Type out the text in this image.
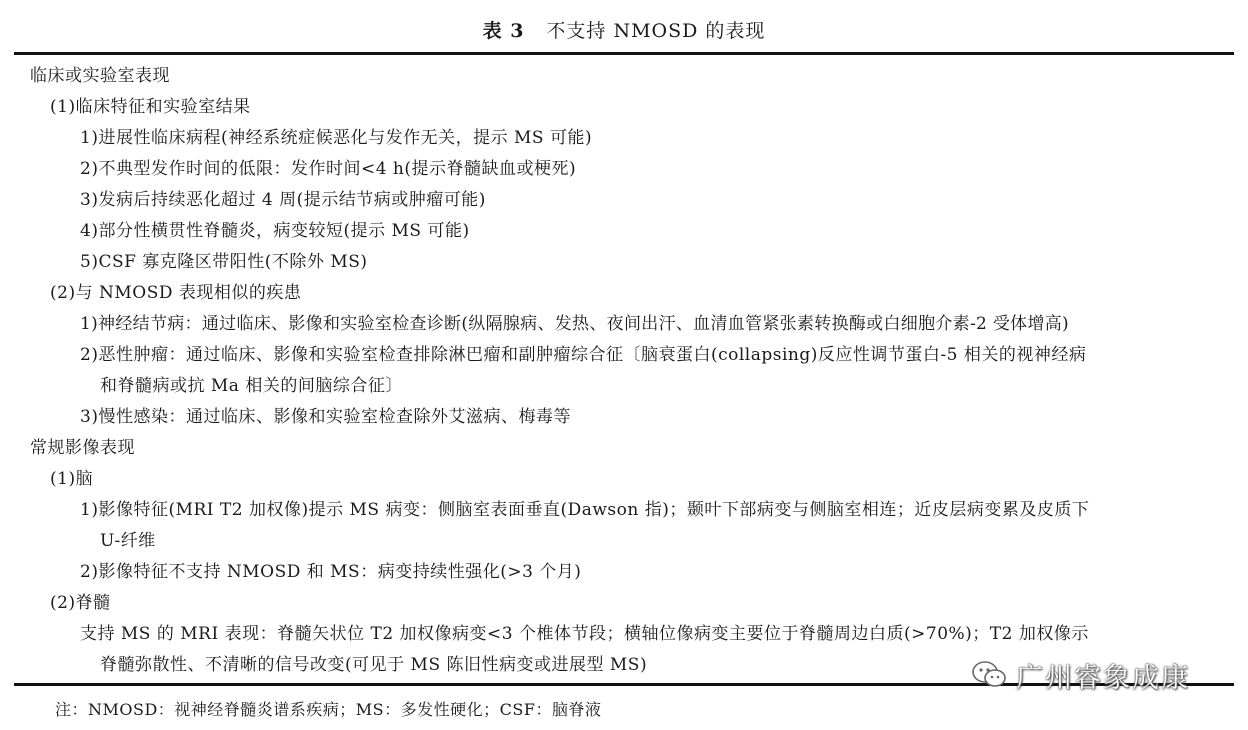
表 3 不支持 NMOSD 的表现
临床或实验室表现
(1)临床特征和实验室结果
1)进展性临床病程(神经系统症候恶化与发作无关，提示 MS 可能)
2)不典型发作时间的低限：发作时间<4 h(提示脊髓缺血或梗死)
3)发病后持续恶化超过 4 周(提示结节病或肿瘤可能)
4)部分性横贯性脊髓炎，病变较短(提示 MS 可能)
5)CSF 寡克隆区带阳性(不除外 MS)
(2)与 NMOSD 表现相似的疾患
1)神经结节病：通过临床、影像和实验室检查诊断(纵隔腺病、发热、夜间出汗、血清血管紧张素转换酶或白细胞介素-2 受体增高)
2)恶性肿瘤：通过临床、影像和实验室检查排除淋巴瘤和副肿瘤综合征〔脑衰蛋白(collapsing)反应性调节蛋白-5 相关的视神经病
和脊髓病或抗 Ma 相关的间脑综合征〕
3)慢性感染：通过临床、影像和实验室检查除外艾滋病、梅毒等
常规影像表现
(1)脑
1)影像特征(MRI T2 加权像)提示 MS 病变：侧脑室表面垂直(Dawson 指)；颞叶下部病变与侧脑室相连；近皮层病变累及皮质下
U-纤维
2)影像特征不支持 NMOSD 和 MS：病变持续性强化(>3 个月)
(2)脊髓
支持 MS 的 MRI 表现：脊髓矢状位 T2 加权像病变<3 个椎体节段；横轴位像病变主要位于脊髓周边白质(>70%)；T2 加权像示
脊髓弥散性、不清晰的信号改变(可见于 MS 陈旧性病变或进展型 MS)
注：NMOSD：视神经脊髓炎谱系疾病；MS：多发性硬化；CSF：脑脊液
广州睿象成康
